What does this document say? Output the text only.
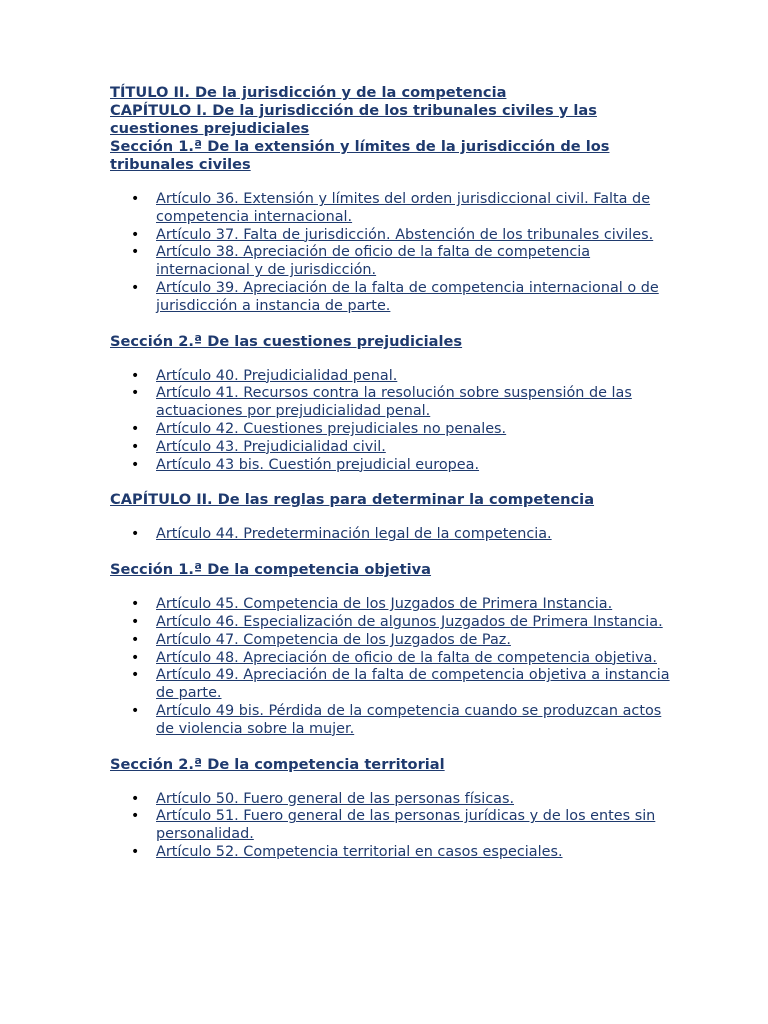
TÍTULO II. De la jurisdicción y de la competencia
CAPÍTULO I. De la jurisdicción de los tribunales civiles y las cuestiones prejudiciales
Sección 1.ª De la extensión y límites de la jurisdicción de los tribunales civiles
• Artículo 36. Extensión y límites del orden jurisdiccional civil. Falta de competencia internacional.
• Artículo 37. Falta de jurisdicción. Abstención de los tribunales civiles.
• Artículo 38. Apreciación de oficio de la falta de competencia internacional y de jurisdicción.
• Artículo 39. Apreciación de la falta de competencia internacional o de jurisdicción a instancia de parte.

Sección 2.ª De las cuestiones prejudiciales

• Artículo 40. Prejudicialidad penal.
• Artículo 41. Recursos contra la resolución sobre suspensión de las actuaciones por prejudicialidad penal.
• Artículo 42. Cuestiones prejudiciales no penales.
• Artículo 43. Prejudicialidad civil.
• Artículo 43 bis. Cuestión prejudicial europea.

CAPÍTULO II. De las reglas para determinar la competencia

• Artículo 44. Predeterminación legal de la competencia.

Sección 1.ª De la competencia objetiva

• Artículo 45. Competencia de los Juzgados de Primera Instancia.
• Artículo 46. Especialización de algunos Juzgados de Primera Instancia.
• Artículo 47. Competencia de los Juzgados de Paz.
• Artículo 48. Apreciación de oficio de la falta de competencia objetiva.
• Artículo 49. Apreciación de la falta de competencia objetiva a instancia de parte.
• Artículo 49 bis. Pérdida de la competencia cuando se produzcan actos de violencia sobre la mujer.

Sección 2.ª De la competencia territorial

• Artículo 50. Fuero general de las personas físicas.
• Artículo 51. Fuero general de las personas jurídicas y de los entes sin personalidad.
• Artículo 52. Competencia territorial en casos especiales.
